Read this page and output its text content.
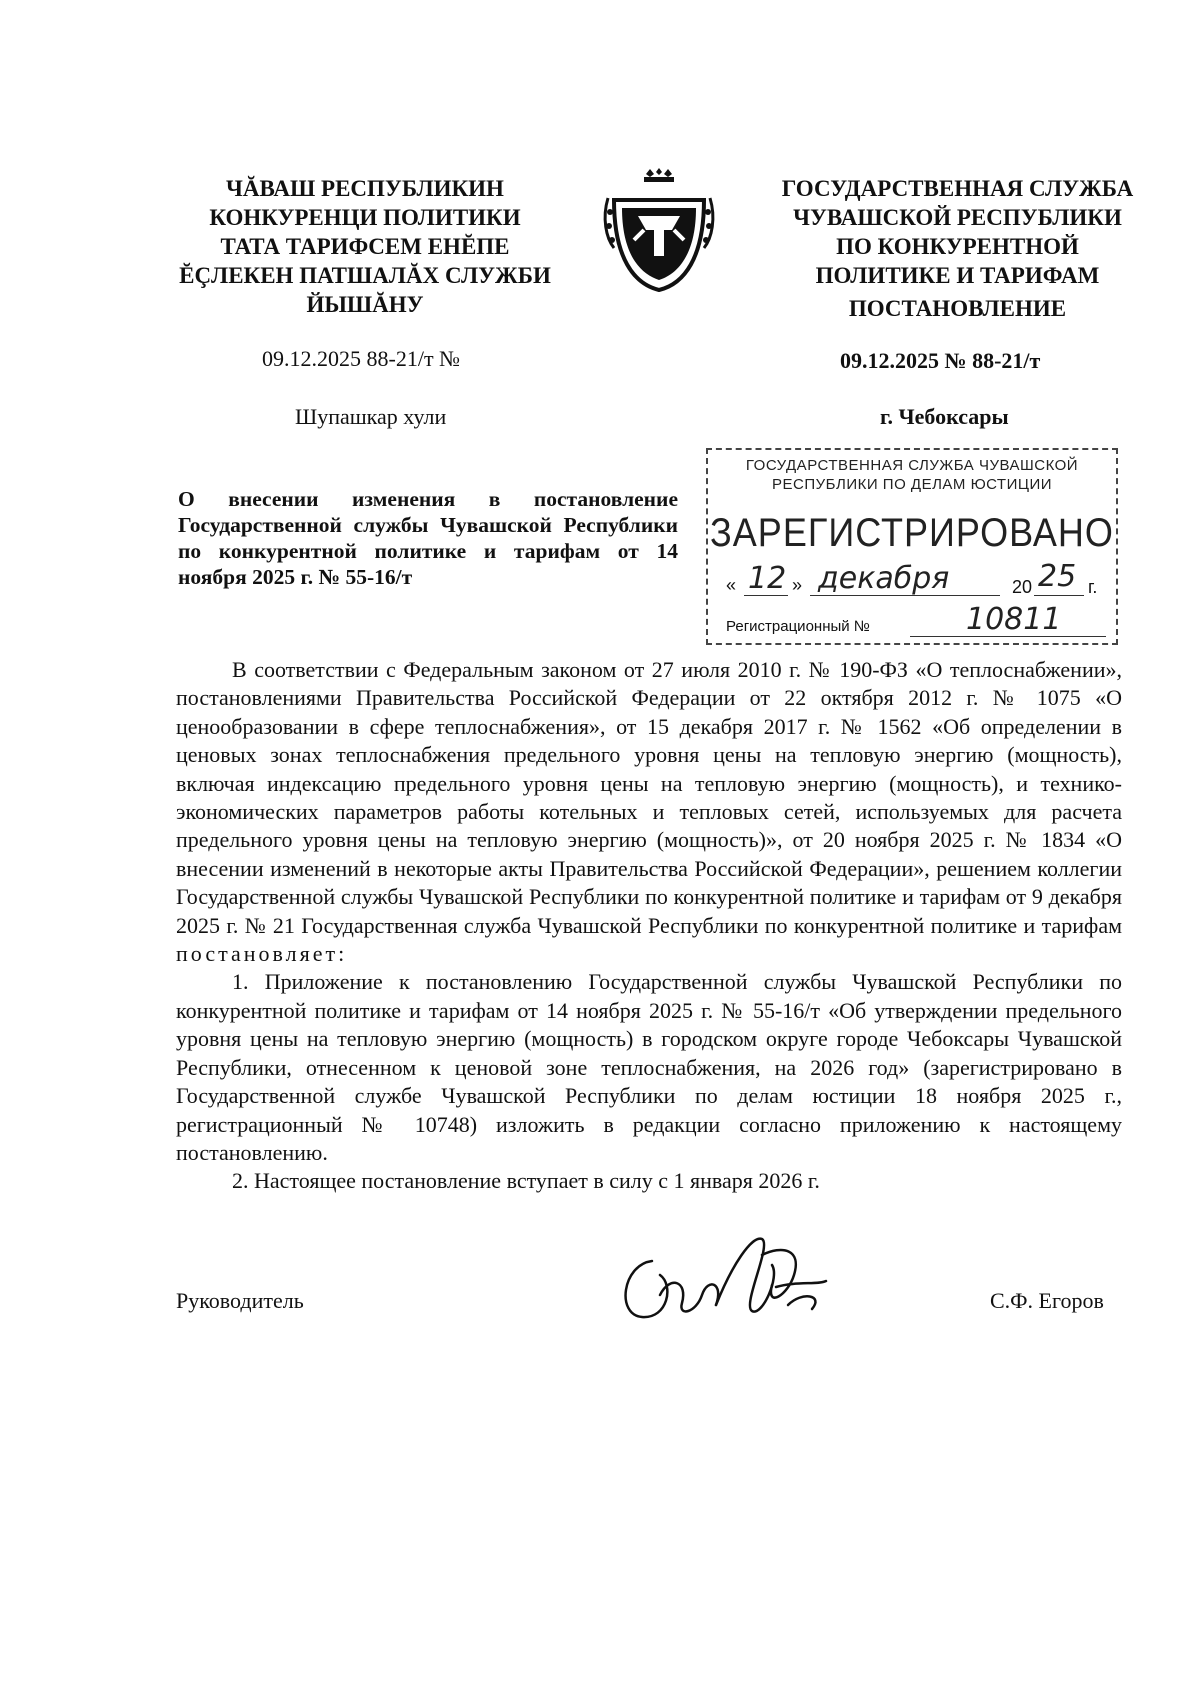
ЧĂВАШ РЕСПУБЛИКИН
КОНКУРЕНЦИ ПОЛИТИКИ
ТАТА ТАРИФСЕМ ЕНĔПЕ
ĔÇЛЕКЕН ПАТШАЛĂХ СЛУЖБИ
ЙЫШĂНУ
ГОСУДАРСТВЕННАЯ СЛУЖБА
ЧУВАШСКОЙ РЕСПУБЛИКИ
ПО КОНКУРЕНТНОЙ
ПОЛИТИКЕ И ТАРИФАМ
ПОСТАНОВЛЕНИЕ

09.12.2025 88-21/т №	09.12.2025 № 88-21/т

Шупашкар хули	г. Чебоксары

О внесении изменения в постановление Государственной службы Чувашской Республики по конкурентной политике и тарифам от 14 ноября 2025 г. № 55-16/т

ГОСУДАРСТВЕННАЯ СЛУЖБА ЧУВАШСКОЙ
РЕСПУБЛИКИ ПО ДЕЛАМ ЮСТИЦИИ
ЗАРЕГИСТРИРОВАНО
« 12 » декабря	20 25 г.
Регистрационный №	10811

В соответствии с Федеральным законом от 27 июля 2010 г. № 190-ФЗ «О теплоснабжении», постановлениями Правительства Российской Федерации от 22 октября 2012 г. № 1075 «О ценообразовании в сфере теплоснабжения», от 15 декабря 2017 г. № 1562 «Об определении в ценовых зонах теплоснабжения предельного уровня цены на тепловую энергию (мощность), включая индексацию предельного уровня цены на тепловую энергию (мощность), и технико-экономических параметров работы котельных и тепловых сетей, используемых для расчета предельного уровня цены на тепловую энергию (мощность)», от 20 ноября 2025 г. № 1834 «О внесении изменений в некоторые акты Правительства Российской Федерации», решением коллегии Государственной службы Чувашской Республики по конкурентной политике и тарифам от 9 декабря 2025 г. № 21 Государственная служба Чувашской Республики по конкурентной политике и тарифам постановляет:

1. Приложение к постановлению Государственной службы Чувашской Республики по конкурентной политике и тарифам от 14 ноября 2025 г. № 55-16/т «Об утверждении предельного уровня цены на тепловую энергию (мощность) в городском округе городе Чебоксары Чувашской Республики, отнесенном к ценовой зоне теплоснабжения, на 2026 год» (зарегистрировано в Государственной службе Чувашской Республики по делам юстиции 18 ноября 2025 г., регистрационный № 10748) изложить в редакции согласно приложению к настоящему постановлению.

2. Настоящее постановление вступает в силу с 1 января 2026 г.

Руководитель	С.Ф. Егоров
